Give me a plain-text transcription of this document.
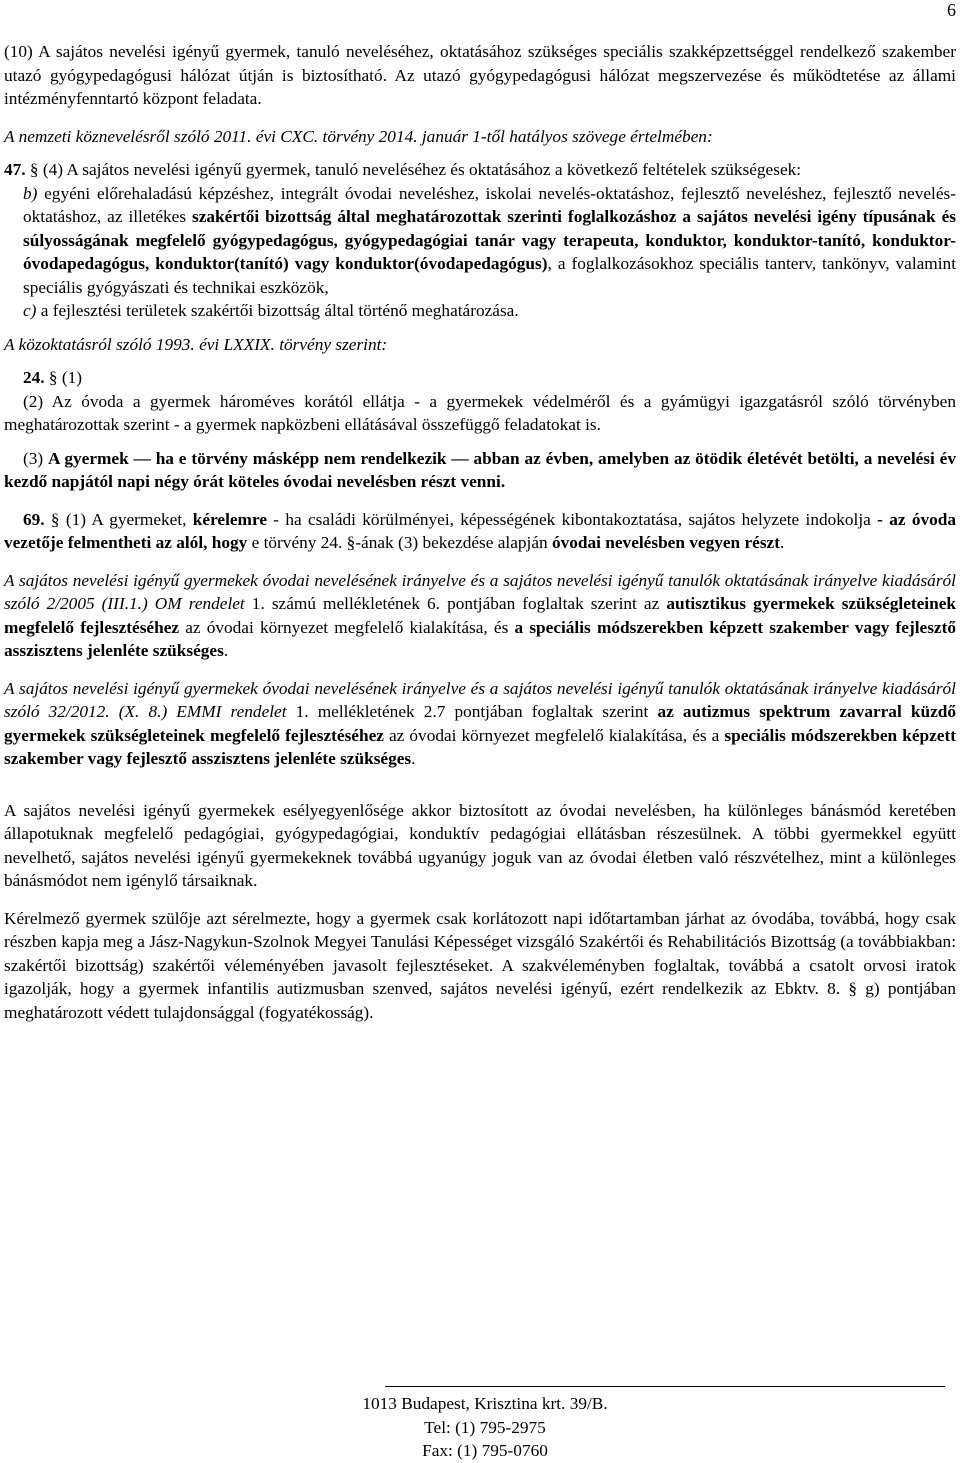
6

(10) A sajátos nevelési igényű gyermek, tanuló neveléséhez, oktatásához szükséges speciális szakképzettséggel rendelkező szakember utazó gyógypedagógusi hálózat útján is biztosítható. Az utazó gyógypedagógusi hálózat megszervezése és működtetése az állami intézményfenntartó központ feladata.

A nemzeti köznevelésről szóló 2011. évi CXC. törvény 2014. január 1-től hatályos szövege értelmében:

47. § (4) A sajátos nevelési igényű gyermek, tanuló neveléséhez és oktatásához a következő feltételek szükségesek:

b) egyéni előrehaladású képzéshez, integrált óvodai neveléshez, iskolai nevelés-oktatáshoz, fejlesztő neveléshez, fejlesztő nevelés-oktatáshoz, az illetékes szakértői bizottság által meghatározottak szerinti foglalkozáshoz a sajátos nevelési igény típusának és súlyosságának megfelelő gyógypedagógus, gyógypedagógiai tanár vagy terapeuta, konduktor, konduktor-tanító, konduktor-óvodapedagógus, konduktor(tanító) vagy konduktor(óvodapedagógus), a foglalkozásokhoz speciális tanterv, tankönyv, valamint speciális gyógyászati és technikai eszközök,

c) a fejlesztési területek szakértői bizottság által történő meghatározása.

A közoktatásról szóló 1993. évi LXXIX. törvény szerint:

24. § (1)

(2) Az óvoda a gyermek hároméves korától ellátja - a gyermekek védelméről és a gyámügyi igazgatásról szóló törvényben meghatározottak szerint - a gyermek napközbeni ellátásával összefüggő feladatokat is.

(3) A gyermek ― ha e törvény másképp nem rendelkezik ― abban az évben, amelyben az ötödik életévét betölti, a nevelési év kezdő napjától napi négy órát köteles óvodai nevelésben részt venni.

69. § (1) A gyermeket, kérelemre - ha családi körülményei, képességének kibontakoztatása, sajátos helyzete indokolja - az óvoda vezetője felmentheti az alól, hogy e törvény 24. §-ának (3) bekezdése alapján óvodai nevelésben vegyen részt.

A sajátos nevelési igényű gyermekek óvodai nevelésének irányelve és a sajátos nevelési igényű tanulók oktatásának irányelve kiadásáról szóló 2/2005 (III.1.) OM rendelet 1. számú mellékletének 6. pontjában foglaltak szerint az autisztikus gyermekek szükségleteinek megfelelő fejlesztéséhez az óvodai környezet megfelelő kialakítása, és a speciális módszerekben képzett szakember vagy fejlesztő asszisztens jelenléte szükséges.

A sajátos nevelési igényű gyermekek óvodai nevelésének irányelve és a sajátos nevelési igényű tanulók oktatásának irányelve kiadásáról szóló 32/2012. (X. 8.) EMMI rendelet 1. mellékletének 2.7 pontjában foglaltak szerint az autizmus spektrum zavarral küzdő gyermekek szükségleteinek megfelelő fejlesztéséhez az óvodai környezet megfelelő kialakítása, és a speciális módszerekben képzett szakember vagy fejlesztő asszisztens jelenléte szükséges.

A sajátos nevelési igényű gyermekek esélyegyenlősége akkor biztosított az óvodai nevelésben, ha különleges bánásmód keretében állapotuknak megfelelő pedagógiai, gyógypedagógiai, konduktív pedagógiai ellátásban részesülnek. A többi gyermekkel együtt nevelhető, sajátos nevelési igényű gyermekeknek továbbá ugyanúgy joguk van az óvodai életben való részvételhez, mint a különleges bánásmódot nem igénylő társaiknak.

Kérelmező gyermek szülője azt sérelmezte, hogy a gyermek csak korlátozott napi időtartamban járhat az óvodába, továbbá, hogy csak részben kapja meg a Jász-Nagykun-Szolnok Megyei Tanulási Képességet vizsgáló Szakértői és Rehabilitációs Bizottság (a továbbiakban: szakértői bizottság) szakértői véleményében javasolt fejlesztéseket. A szakvéleményben foglaltak, továbbá a csatolt orvosi iratok igazolják, hogy a gyermek infantilis autizmusban szenved, sajátos nevelési igényű, ezért rendelkezik az Ebktv. 8. § g) pontjában meghatározott védett tulajdonsággal (fogyatékosság).

1013 Budapest, Krisztina krt. 39/B.
Tel: (1) 795-2975
Fax: (1) 795-0760
